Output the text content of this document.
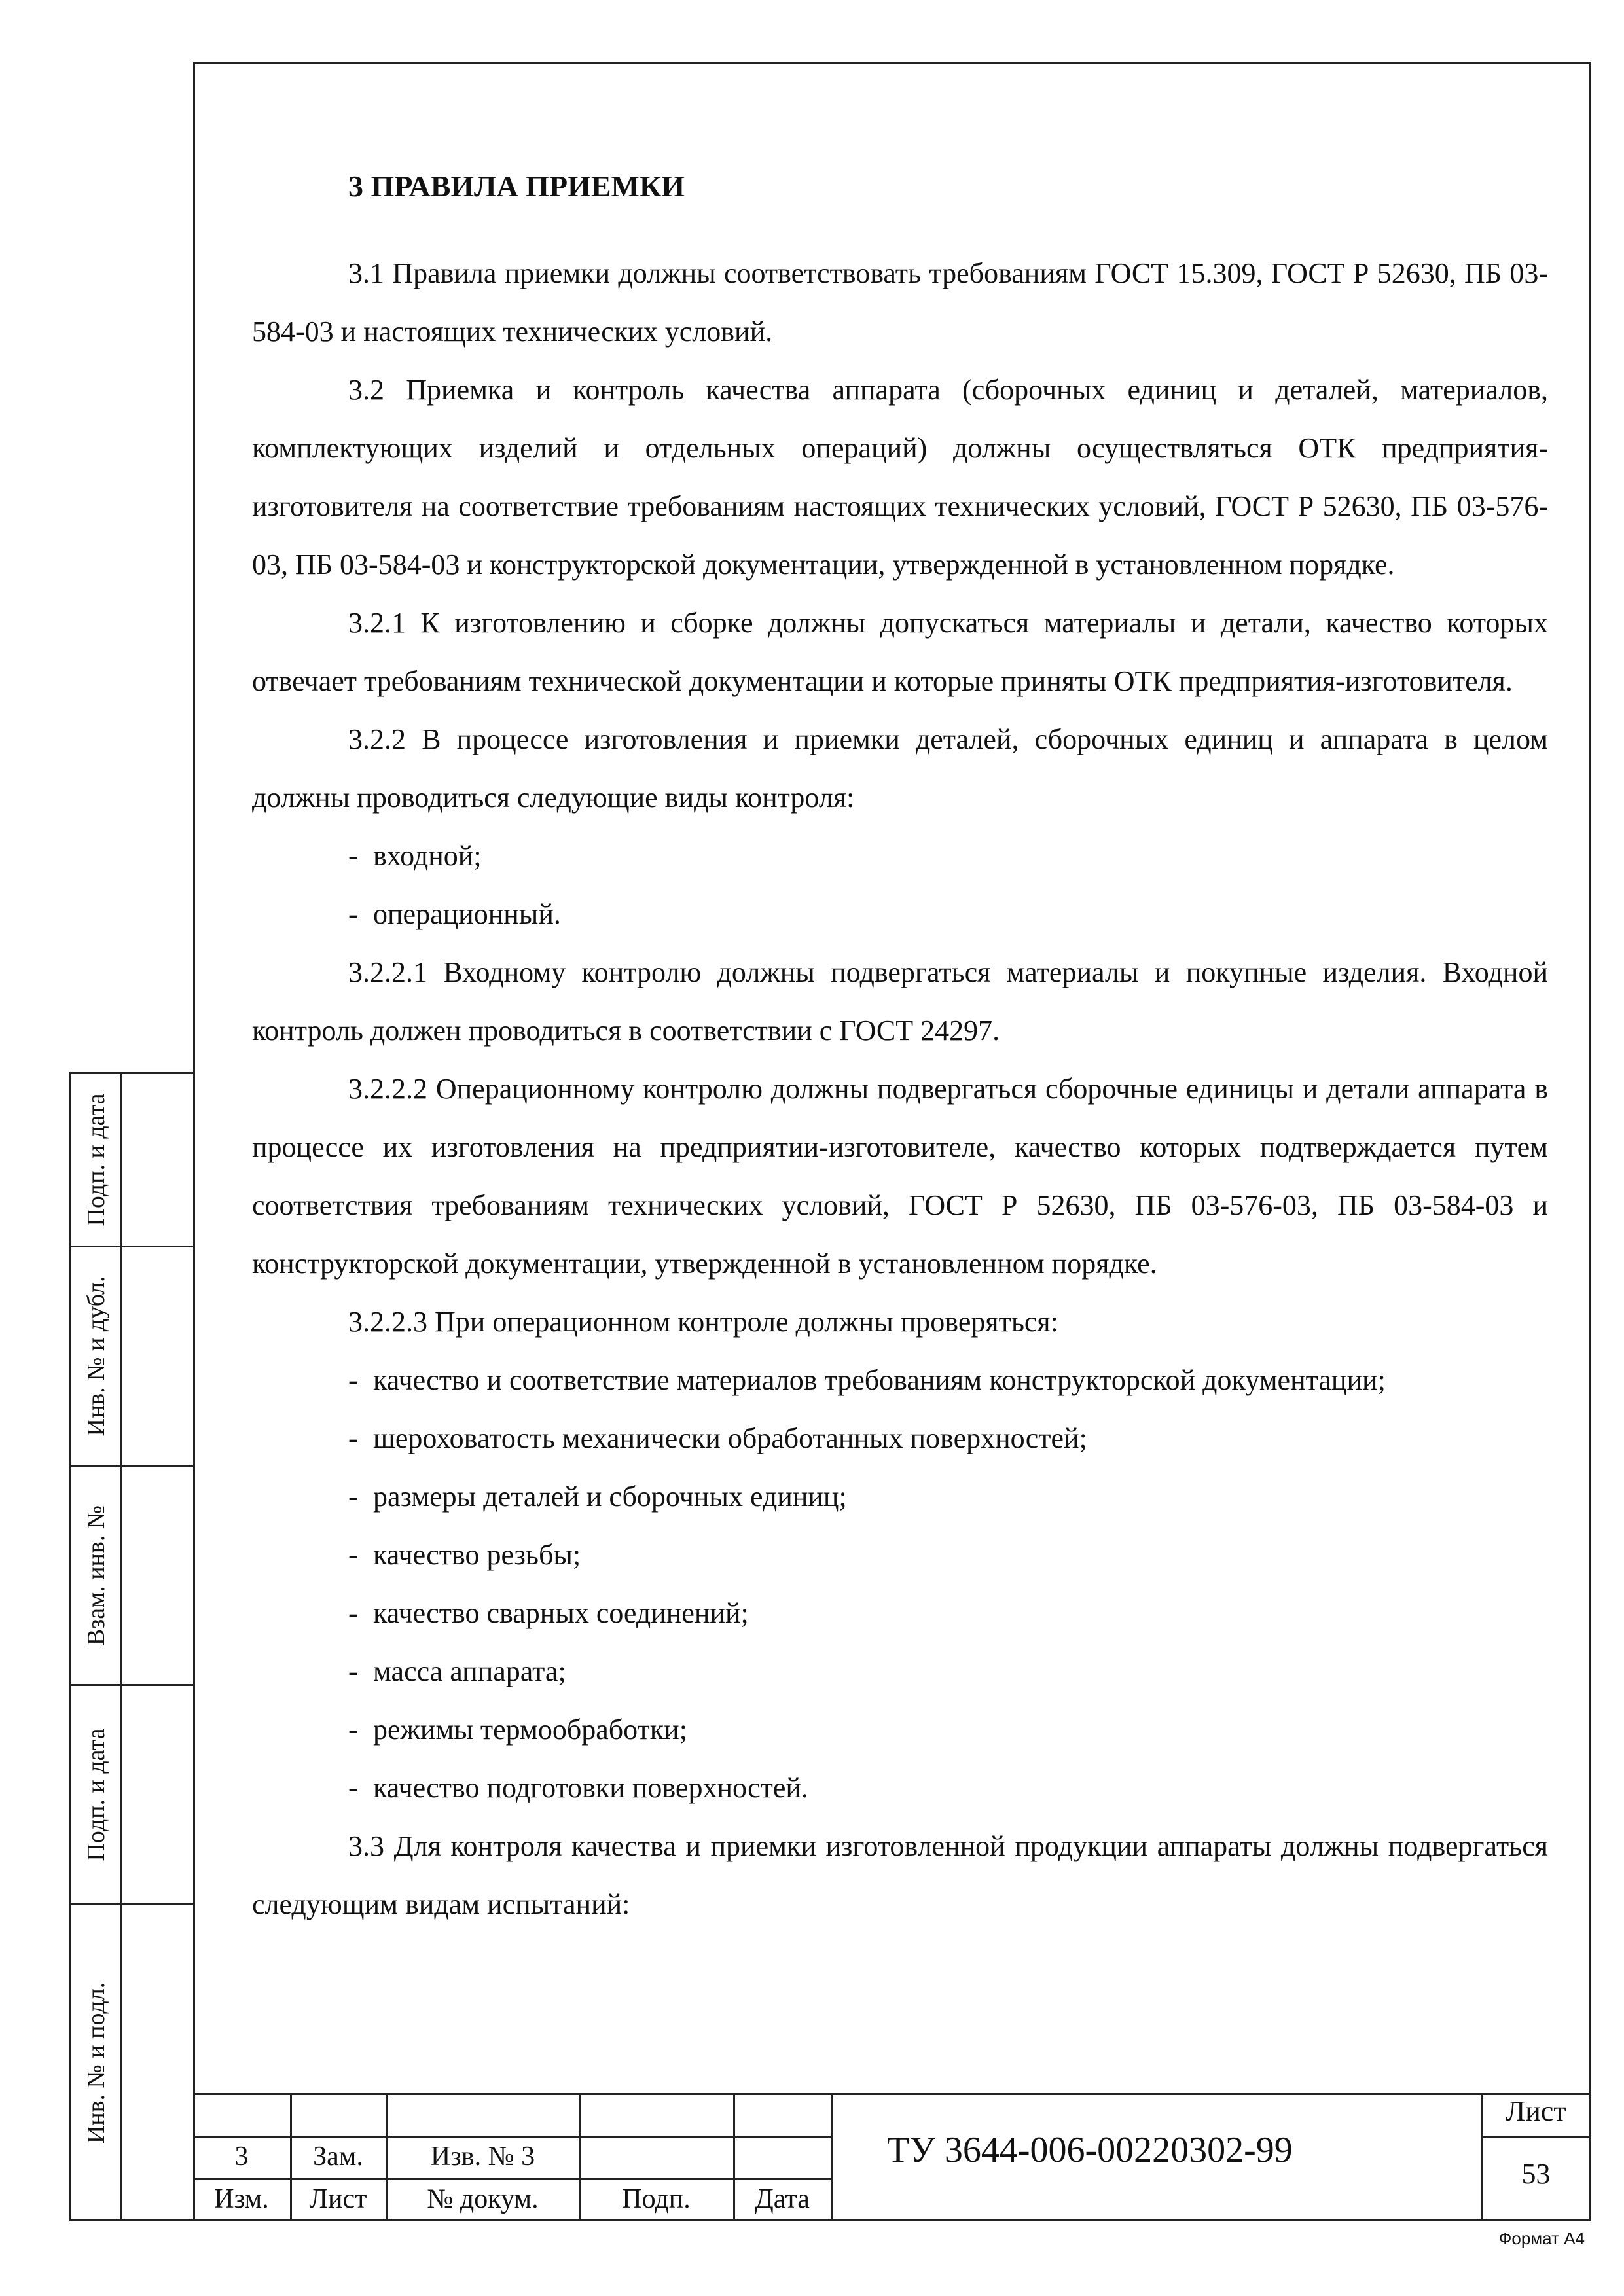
Подп. и дата
Инв. № и дубл.
Взам. инв. №
Подп. и дата
Инв. № и подл.
3 ПРАВИЛА ПРИЕМКИ

3.1 Правила приемки должны соответствовать требованиям ГОСТ 15.309, ГОСТ Р 52630, ПБ 03-584-03 и настоящих технических условий.

3.2 Приемка и контроль качества аппарата (сборочных единиц и деталей, материалов, комплектующих изделий и отдельных операций) должны осуществляться ОТК предприятия-изготовителя на соответствие требованиям настоящих технических условий, ГОСТ Р 52630, ПБ 03-576-03, ПБ 03-584-03 и конструкторской документации, утвержденной в установленном порядке.

3.2.1 К изготовлению и сборке должны допускаться материалы и детали, качество которых отвечает требованиям технической документации и которые приняты ОТК предприятия-изготовителя.

3.2.2 В процессе изготовления и приемки деталей, сборочных единиц и аппарата в целом должны проводиться следующие виды контроля:

- входной;

- операционный.

3.2.2.1 Входному контролю должны подвергаться материалы и покупные изделия. Входной контроль должен проводиться в соответствии с ГОСТ 24297.

3.2.2.2 Операционному контролю должны подвергаться сборочные единицы и детали аппарата в процессе их изготовления на предприятии-изготовителе, качество которых подтверждается путем соответствия требованиям технических условий, ГОСТ Р 52630, ПБ 03-576-03, ПБ 03-584-03 и конструкторской документации, утвержденной в установленном порядке.

3.2.2.3 При операционном контроле должны проверяться:

- качество и соответствие материалов требованиям конструкторской документации;

- шероховатость механически обработанных поверхностей;

- размеры деталей и сборочных единиц;

- качество резьбы;

- качество сварных соединений;

- масса аппарата;

- режимы термообработки;

- качество подготовки поверхностей.

3.3 Для контроля качества и приемки изготовленной продукции аппараты должны подвергаться следующим видам испытаний:

3	Зам.	Изв. № 3
Изм.	Лист	№ докум.	Подп.	Дата
ТУ 3644-006-00220302-99
Лист
53
Формат А4
